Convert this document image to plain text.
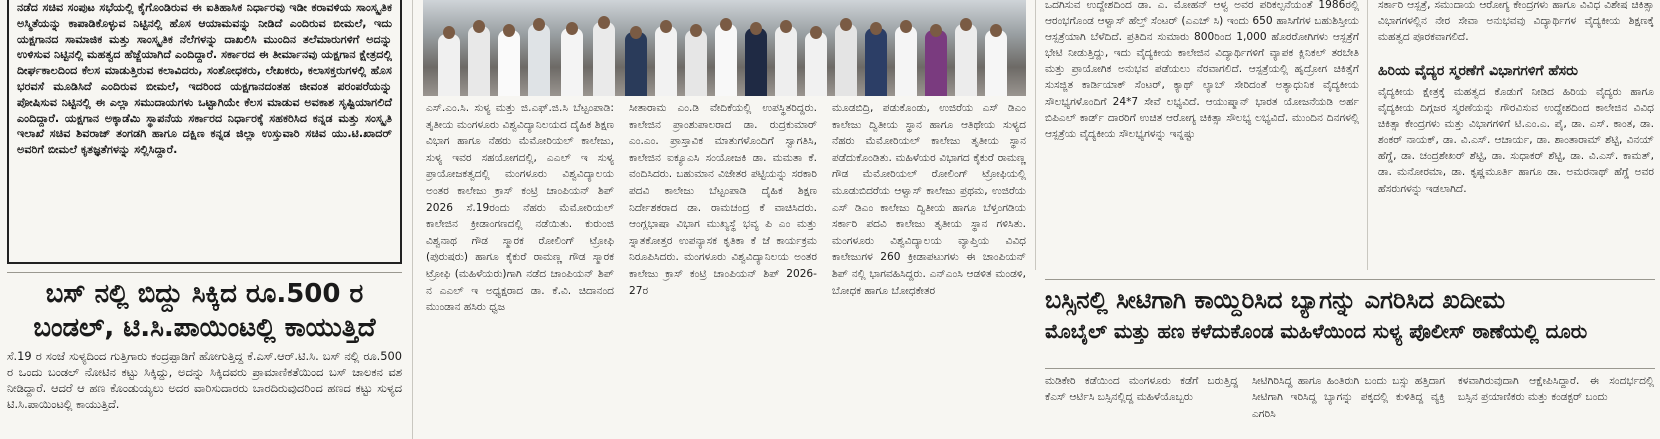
ನಡೆದ ಸಚಿವ ಸಂಪುಟ ಸಭೆಯಲ್ಲಿ ಕೈಗೊಂಡಿರುವ ಈ ಐತಿಹಾಸಿಕ ನಿರ್ಧಾರವು ಇಡೀ ಕರಾವಳಿಯ ಸಾಂಸ್ಕೃತಿಕ ಅಸ್ಮಿತೆಯನ್ನು ಕಾಪಾಡಿಕೊಳ್ಳುವ ನಿಟ್ಟಿನಲ್ಲಿ ಹೊಸ ಆಯಾಮವನ್ನು ನೀಡಿದೆ ಎಂದಿರುವ ಬೀಮಲೆ, ಇದು ಯಕ್ಷಗಾನದ ಸಾಮಾಜಿಕ ಮತ್ತು ಸಾಂಸ್ಕೃತಿಕ ನೆಲೆಗಳನ್ನು ದಾಖಲಿಸಿ ಮುಂದಿನ ತಲೆಮಾರುಗಳಿಗೆ ಅದನ್ನು ಉಳಿಸುವ ನಿಟ್ಟಿನಲ್ಲಿ ಮಹತ್ವದ ಹೆಜ್ಜೆಯಾಗಿದೆ ಎಂದಿದ್ದಾರೆ. ಸರ್ಕಾರದ ಈ ತೀರ್ಮಾನವು ಯಕ್ಷಗಾನ ಕ್ಷೇತ್ರದಲ್ಲಿ ದೀರ್ಘಕಾಲದಿಂದ ಕೆಲಸ ಮಾಡುತ್ತಿರುವ ಕಲಾವಿದರು, ಸಂಶೋಧಕರು, ಲೇಖಕರು, ಕಲಾಸಕ್ತರುಗಳಲ್ಲಿ ಹೊಸ ಭರವಸೆ ಮೂಡಿಸಿದೆ ಎಂದಿರುವ ಬೀಮಲೆ, ಇದರಿಂದ ಯಕ್ಷಗಾನದಂತಹ ಜೀವಂತ ಪರಂಪರೆಯನ್ನು ಪೋಷಿಸುವ ನಿಟ್ಟಿನಲ್ಲಿ ಈ ಎಲ್ಲಾ ಸಮುದಾಯಗಳು ಒಟ್ಟಾಗಿಯೇ ಕೆಲಸ ಮಾಡುವ ಅವಕಾಶ ಸೃಷ್ಟಿಯಾಗಲಿದೆ ಎಂದಿದ್ದಾರೆ. ಯಕ್ಷಗಾನ ಅಕ್ಕಾಡೆಮಿ ಸ್ಥಾಪನೆಯ ಸರ್ಕಾರದ ನಿರ್ಧಾರಕ್ಕೆ ಸಹಕರಿಸಿದ ಕನ್ನಡ ಮತ್ತು ಸಂಸ್ಕೃತಿ ಇಲಾಖೆ ಸಚಿವ ಶಿವರಾಜ್ ತಂಗಡಗಿ ಹಾಗೂ ದಕ್ಷಿಣ ಕನ್ನಡ ಜಿಲ್ಲಾ ಉಸ್ತುವಾರಿ ಸಚಿವ ಯು.ಟಿ.ಖಾದರ್ ಅವರಿಗೆ ಬೀಮಲೆ ಕೃತಜ್ಞತೆಗಳನ್ನು ಸಲ್ಲಿಸಿದ್ದಾರೆ.

ಬಸ್ ನಲ್ಲಿ ಬಿದ್ದು ಸಿಕ್ಕಿದ ರೂ.500 ರ

ಬಂಡಲ್, ಟಿ.ಸಿ.ಪಾಯಿಂಟಲ್ಲಿ ಕಾಯುತ್ತಿದೆ

ಸೆ.19 ರ ಸಂಜೆ ಸುಳ್ಯದಿಂದ ಗುತ್ತಿಗಾರು ಕಂದ್ರಪ್ಪಾಡಿಗೆ ಹೋಗುತ್ತಿದ್ದ ಕೆ.ಎಸ್.ಆರ್.ಟಿ.ಸಿ. ಬಸ್ ನಲ್ಲಿ ರೂ.500 ರ ಒಂದು ಬಂಡಲ್ ನೋಟಿನ ಕಟ್ಟು ಸಿಕ್ಕಿದ್ದು, ಅದನ್ನು ಸಿಕ್ಕಿದವರು ಪ್ರಾಮಾಣಿಕತೆಯಿಂದ ಬಸ್ ಚಾಲಕನ ವಶ ನೀಡಿದ್ದಾರೆ. ಆದರೆ ಆ ಹಣ ಕೊಂಡುಯ್ಯಲು ಅದರ ವಾರಿಸುದಾರರು ಬಾರದಿರುವುದರಿಂದ ಹಣದ ಕಟ್ಟು ಸುಳ್ಯದ ಟಿ.ಸಿ.ಪಾಯಿಂಟಲ್ಲಿ ಕಾಯುತ್ತಿದೆ.

ಎಸ್.ಎಂ.ಸಿ. ಸುಳ್ಯ ಮತ್ತು ಜಿ.ಎಫ್.ಜಿ.ಸಿ ಬೆಟ್ಟಂಪಾಡಿ: ತೃತೀಯ ಮಂಗಳೂರು ವಿಶ್ವವಿದ್ಯಾನಿಲಯದ ದೈಹಿಕ ಶಿಕ್ಷಣ ವಿಭಾಗ ಹಾಗೂ ನೆಹರು ಮೆಮೋರಿಯಲ್ ಕಾಲೇಜು, ಸುಳ್ಯ ಇವರ ಸಹಯೋಗದಲ್ಲಿ, ಎಎಲ್ ಇ ಸುಳ್ಯ ಪ್ರಾಯೋಜಕತ್ವದಲ್ಲಿ ಮಂಗಳೂರು ವಿಶ್ವವಿದ್ಯಾಲಯ ಅಂತರ ಕಾಲೇಜು ಕ್ರಾಸ್ ಕಂಟ್ರಿ ಚಾಂಪಿಯನ್ ಶಿಪ್ 2026 ಸೆ.19ರಂದು ನೆಹರು ಮೆಮೋರಿಯಲ್ ಕಾಲೇಜಿನ ಕ್ರೀಡಾಂಗಣದಲ್ಲಿ ನಡೆಯಿತು. ಕುರುಂಜಿ ವಿಶ್ವನಾಥ ಗೌಡ ಸ್ಮಾರಕ ರೋಲಿಂಗ್ ಟ್ರೋಫಿ (ಪುರುಷರು) ಹಾಗೂ ಕೈಕುರೆ ರಾಮಣ್ಣ ಗೌಡ ಸ್ಮಾರಕ ಟ್ರೋಫಿ (ಮಹಿಳೆಯರು)ಗಾಗಿ ನಡೆದ ಚಾಂಪಿಯನ್ ಶಿಪ್ ನ ಎಎಲ್ ಇ ಅಧ್ಯಕ್ಷರಾದ ಡಾ. ಕೆ.ವಿ. ಚಿದಾನಂದ ಮುಂಡಾನ ಹಸಿರು ಧ್ವಜ

ಸೀತಾರಾಮ ಎಂ.ಡಿ ವೇದಿಕೆಯಲ್ಲಿ ಉಪಸ್ಥಿತರಿದ್ದರು. ಕಾಲೇಜಿನ ಪ್ರಾಂಶುಪಾಲರಾದ ಡಾ. ರುದ್ರಕುಮಾರ್ ಎಂ.ಎಂ. ಪ್ರಾಸ್ತಾವಿಕ ಮಾತುಗಳೊಂದಿಗೆ ಸ್ವಾಗತಿಸಿ, ಕಾಲೇಜಿನ ಐಕ್ಯೂಎಸಿ ಸಂಯೋಜಕಿ ಡಾ. ಮಮತಾ ಕೆ. ವಂದಿಸಿದರು. ಬಹುಮಾನ ವಿಜೇತರ ಪಟ್ಟಿಯನ್ನು ಸರಕಾರಿ ಪದವಿ ಕಾಲೇಜು ಬೆಟ್ಟಂಪಾಡಿ ದೈಹಿಕ ಶಿಕ್ಷಣ ನಿರ್ದೇಶಕರಾದ ಡಾ. ರಾಮಚಂದ್ರ ಕೆ ವಾಚಿಸಿದರು. ಆಂಗ್ಲಭಾಷಾ ವಿಭಾಗ ಮುಖ್ಯಸ್ಥೆ ಭವ್ಯ ಪಿ ಎಂ ಮತ್ತು ಸ್ನಾತಕೋತ್ತರ ಉಪನ್ಯಾಸಕ ಕೃತಿಕಾ ಕೆ ಜೆ ಕಾರ್ಯಕ್ರಮ ನಿರೂಪಿಸಿದರು. ಮಂಗಳೂರು ವಿಶ್ವವಿದ್ಯಾನಿಲಯ ಅಂತರ ಕಾಲೇಜು ಕ್ರಾಸ್ ಕಂಟ್ರಿ ಚಾಂಪಿಯನ್ ಶಿಪ್ 2026-27ರ

ಮೂಡಬಿದ್ರಿ, ಪಡುಕೊಂಡು, ಉಜಿರೆಯ ಎಸ್ ಡಿಎಂ ಕಾಲೇಜು ದ್ವಿತೀಯ ಸ್ಥಾನ ಹಾಗೂ ಆತಿಥೇಯ ಸುಳ್ಯದ ನೆಹರು ಮೆಮೋರಿಯಲ್ ಕಾಲೇಜು ತೃತೀಯ ಸ್ಥಾನ ಪಡೆದುಕೊಂಡಿತು. ಮಹಿಳೆಯರ ವಿಭಾಗದ ಕೈಕುರೆ ರಾಮಣ್ಣ ಗೌಡ ಮೆಮೋರಿಯಲ್ ರೋಲಿಂಗ್ ಟ್ರೋಫಿಯಲ್ಲಿ ಮೂಡುಬಿದರೆಯ ಆಳ್ವಾಸ್ ಕಾಲೇಜು ಪ್ರಥಮ, ಉಜಿರೆಯ ಎಸ್ ಡಿಎಂ ಕಾಲೇಜು ದ್ವಿತೀಯ ಹಾಗೂ ಬೆಳ್ತಂಗಡಿಯ ಸರ್ಕಾರಿ ಪದವಿ ಕಾಲೇಜು ತೃತೀಯ ಸ್ಥಾನ ಗಳಿಸಿತು. ಮಂಗಳೂರು ವಿಶ್ವವಿದ್ಯಾಲಯ ವ್ಯಾಪ್ತಿಯ ವಿವಿಧ ಕಾಲೇಜುಗಳ 260 ಕ್ರೀಡಾಪಟುಗಳು ಈ ಚಾಂಪಿಯನ್ ಶಿಪ್ ನಲ್ಲಿ ಭಾಗವಹಿಸಿದ್ದರು. ಎನ್ಎಂಸಿ ಆಡಳಿತ ಮಂಡಳಿ, ಬೋಧಕ ಹಾಗೂ ಬೋಧಕೇತರ

ಒದಗಿಸುವ ಉದ್ದೇಶದಿಂದ ಡಾ. ಎ. ಮೋಹನ್ ಆಳ್ವ ಅವರ ಪರಿಕಲ್ಪನೆಯಂತೆ 1986ರಲ್ಲಿ ಆರಂಭಗೊಂಡ ಆಳ್ವಾಸ್ ಹೆಲ್ತ್ ಸೆಂಟರ್ (ಎಎಚ್ ಸಿ) ಇಂದು 650 ಹಾಸಿಗೆಗಳ ಬಹುಶಿಸ್ತೀಯ ಆಸ್ಪತ್ರೆಯಾಗಿ ಬೆಳೆದಿದೆ. ಪ್ರತಿದಿನ ಸುಮಾರು 800ರಿಂದ 1,000 ಹೊರರೋಗಿಗಳು ಆಸ್ಪತ್ರೆಗೆ ಭೇಟಿ ನೀಡುತ್ತಿದ್ದು, ಇದು ವೈದ್ಯಕೀಯ ಕಾಲೇಜಿನ ವಿದ್ಯಾರ್ಥಿಗಳಿಗೆ ವ್ಯಾಪಕ ಕ್ಲಿನಿಕಲ್ ತರಬೇತಿ ಮತ್ತು ಪ್ರಾಯೋಗಿಕ ಅನುಭವ ಪಡೆಯಲು ನೆರವಾಗಲಿದೆ. ಆಸ್ಪತ್ರೆಯಲ್ಲಿ ಹೃದ್ರೋಗ ಚಿಕಿತ್ಸೆಗೆ ಸುಸಜ್ಜಿತ ಕಾರ್ಡಿಯಾಕ್ ಸೆಂಟರ್, ಕ್ಯಾಥ್ ಲ್ಯಾಬ್ ಸೇರಿದಂತೆ ಅತ್ಯಾಧುನಿಕ ವೈದ್ಯಕೀಯ ಸೌಲಭ್ಯಗಳೊಂದಿಗೆ 24*7 ಸೇವೆ ಲಭ್ಯವಿದೆ. ಆಯುಷ್ಮಾನ್ ಭಾರತ ಯೋಜನೆಯಡಿ ಅರ್ಹ ಬಿಪಿಎಲ್ ಕಾರ್ಡ್ ದಾರರಿಗೆ ಉಚಿತ ಆರೋಗ್ಯ ಚಿಕಿತ್ಸಾ ಸೌಲಭ್ಯ ಲಭ್ಯವಿದೆ. ಮುಂದಿನ ದಿನಗಳಲ್ಲಿ ಆಸ್ಪತ್ರೆಯ ವೈದ್ಯಕೀಯ ಸೌಲಭ್ಯಗಳನ್ನು ಇನ್ನಷ್ಟು

ಸರ್ಕಾರಿ ಆಸ್ಪತ್ರೆ, ಸಮುದಾಯ ಆರೋಗ್ಯ ಕೇಂದ್ರಗಳು ಹಾಗೂ ವಿವಿಧ ವಿಶೇಷ ಚಿಕಿತ್ಸಾ ವಿಭಾಗಗಳಲ್ಲಿನ ನೇರ ಸೇವಾ ಅನುಭವವು ವಿದ್ಯಾರ್ಥಿಗಳ ವೈದ್ಯಕೀಯ ಶಿಕ್ಷಣಕ್ಕೆ ಮಹತ್ವದ ಪೂರಕವಾಗಲಿದೆ.

ಹಿರಿಯ ವೈದ್ಯರ ಸ್ಮರಣೆಗೆ ವಿಭಾಗಗಳಿಗೆ ಹೆಸರು

ವೈದ್ಯಕೀಯ ಕ್ಷೇತ್ರಕ್ಕೆ ಮಹತ್ವದ ಕೊಡುಗೆ ನೀಡಿದ ಹಿರಿಯ ವೈದ್ಯರು ಹಾಗೂ ವೈದ್ಯಕೀಯ ದಿಗ್ಗಜರ ಸ್ಮರಣೆಯನ್ನು ಗೌರವಿಸುವ ಉದ್ದೇಶದಿಂದ ಕಾಲೇಜಿನ ವಿವಿಧ ಚಿಕಿತ್ಸಾ ಕೇಂದ್ರಗಳು ಮತ್ತು ವಿಭಾಗಗಳಿಗೆ ಟಿ.ಎಂ.ಎ. ಪೈ, ಡಾ. ಎಸ್. ಕಾಂತ, ಡಾ. ಶಂಕರ್ ನಾಯಕ್, ಡಾ. ವಿ.ಎಸ್. ಆಚಾರ್ಯ, ಡಾ. ಶಾಂತಾರಾಮ್ ಶೆಟ್ಟಿ, ವಿನಯ್ ಹೆಗ್ಡೆ, ಡಾ. ಚಂದ್ರಶೇಖರ್ ಶೆಟ್ಟಿ, ಡಾ. ಸುಧಾಕರ್ ಶೆಟ್ಟಿ, ಡಾ. ವಿ.ಎಸ್. ಕಾಮತ್, ಡಾ. ಮನೋರಮಾ, ಡಾ. ಕೃಷ್ಣಮೂರ್ತಿ ಹಾಗೂ ಡಾ. ಅಮರನಾಥ್ ಹೆಗ್ಡೆ ಅವರ ಹೆಸರುಗಳನ್ನು ಇಡಲಾಗಿದೆ.

ಬಸ್ಸಿನಲ್ಲಿ ಸೀಟಿಗಾಗಿ ಕಾಯ್ದಿರಿಸಿದ ಬ್ಯಾಗನ್ನು ಎಗರಿಸಿದ ಖದೀಮ

ಮೊಬೈಲ್ ಮತ್ತು ಹಣ ಕಳೆದುಕೊಂಡ ಮಹಿಳೆಯಿಂದ ಸುಳ್ಯ ಪೊಲೀಸ್ ಠಾಣೆಯಲ್ಲಿ ದೂರು

ಮಡಿಕೇರಿ ಕಡೆಯಿಂದ ಮಂಗಳೂರು ಕಡೆಗೆ ಬರುತ್ತಿದ್ದ ಕೆಎಸ್ ಆರ್ಟಿಸಿ ಬಸ್ಸಿನಲ್ಲಿದ್ದ ಮಹಿಳೆಯೊಬ್ಬರು

ಸೀಟಿಗಿರಿಸಿದ್ದ ಹಾಗೂ ಹಿಂತಿರುಗಿ ಬಂದು ಬಸ್ಸು ಹತ್ತಿದಾಗ ಸೀಟಿಗಾಗಿ ಇರಿಸಿದ್ದ ಬ್ಯಾಗನ್ನು ಪಕ್ಕದಲ್ಲಿ ಕುಳಿತಿದ್ದ ವ್ಯಕ್ತಿ ಎಗರಿಸಿ

ಕಳವಾಗಿರುವುದಾಗಿ ಆಕ್ಷೇಪಿಸಿದ್ದಾರೆ. ಈ ಸಂದರ್ಭದಲ್ಲಿ ಬಸ್ಸಿನ ಪ್ರಯಾಣಿಕರು ಮತ್ತು ಕಂಡಕ್ಟರ್ ಬಂದು
